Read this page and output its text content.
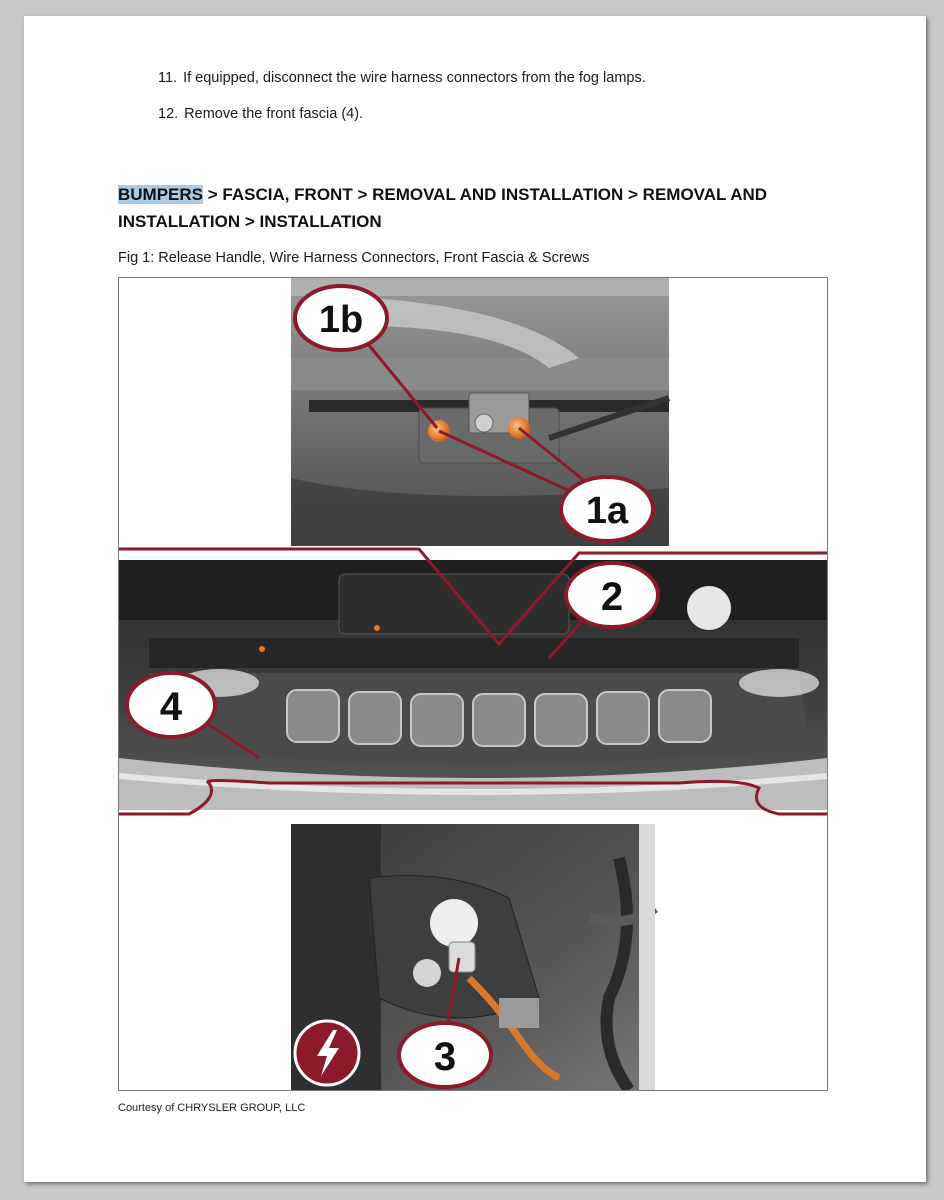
11. If equipped, disconnect the wire harness connectors from the fog lamps.
12. Remove the front fascia (4).
BUMPERS > FASCIA, FRONT > REMOVAL AND INSTALLATION > REMOVAL AND INSTALLATION > INSTALLATION
Fig 1: Release Handle, Wire Harness Connectors, Front Fascia & Screws
1b
1a
2
4
3
Courtesy of CHRYSLER GROUP, LLC
